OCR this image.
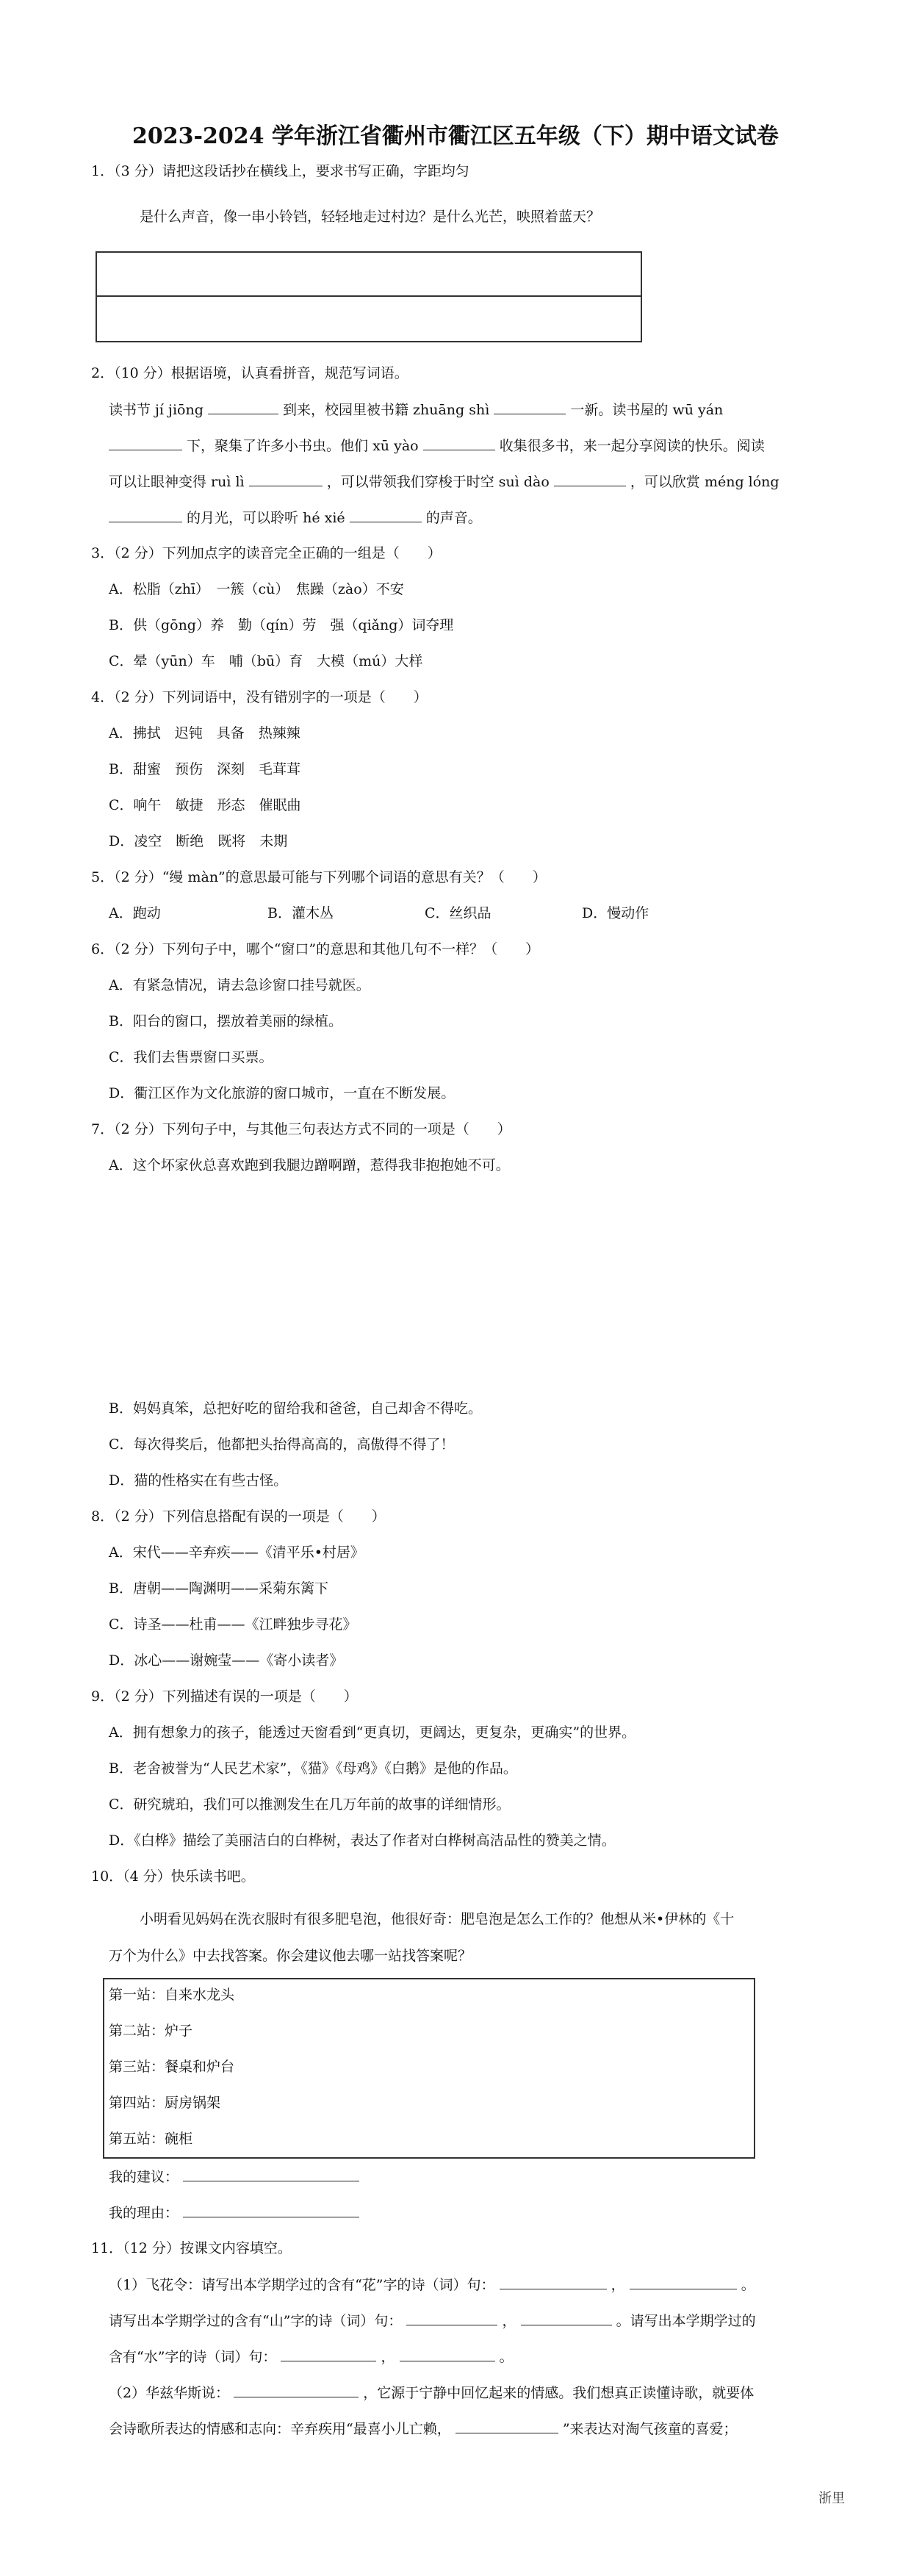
2023-2024 学年浙江省衢州市衢江区五年级（下）期中语文试卷
1．（3 分）请把这段话抄在横线上，要求书写正确，字距均匀
是什么声音，像一串小铃铛，轻轻地走过村边？是什么光芒，映照着蓝天？
2．（10 分）根据语境，认真看拼音，规范写词语。
读书节 jí jiōng	到来，校园里被书籍 zhuāng shì	一新。读书屋的 wū yán
下，聚集了许多小书虫。他们 xū yào	收集很多书，来一起分享阅读的快乐。阅读
可以让眼神变得 ruì lì	，可以带领我们穿梭于时空 suì dào	，可以欣赏 méng lóng
的月光，可以聆听 hé xié	的声音。
3．（2 分）下列加点字的读音完全正确的一组是（　　）
A．松脂（zhī）　一簇（cù）　焦躁（zào）不安
B．供（gōng）养　勤（qín）劳　强（qiǎng）词夺理
C．晕（yūn）车　哺（bū）育　大模（mú）大样
4．（2 分）下列词语中，没有错别字的一项是（　　）
A．拂拭　迟钝　具备　热辣辣
B．甜蜜　预伤　深刻　毛茸茸
C．响午　敏捷　形态　催眠曲
D．凌空　断绝　既将　未期
5．（2 分）“缦 màn”的意思最可能与下列哪个词语的意思有关？（　　）
A．跑动	B．灌木丛	C．丝织品	D．慢动作
6．（2 分）下列句子中，哪个“窗口”的意思和其他几句不一样？（　　）
A．有紧急情况，请去急诊窗口挂号就医。
B．阳台的窗口，摆放着美丽的绿植。
C．我们去售票窗口买票。
D．衢江区作为文化旅游的窗口城市，一直在不断发展。
7．（2 分）下列句子中，与其他三句表达方式不同的一项是（　　）
A．这个坏家伙总喜欢跑到我腿边蹭啊蹭，惹得我非抱抱她不可。
B．妈妈真笨，总把好吃的留给我和爸爸，自己却舍不得吃。
C．每次得奖后，他都把头抬得高高的，高傲得不得了！
D．猫的性格实在有些古怪。
8．（2 分）下列信息搭配有误的一项是（　　）
A．宋代——辛弃疾——《清平乐•村居》
B．唐朝——陶渊明——采菊东篱下
C．诗圣——杜甫——《江畔独步寻花》
D．冰心——谢婉莹——《寄小读者》
9．（2 分）下列描述有误的一项是（　　）
A．拥有想象力的孩子，能透过天窗看到“更真切，更阔达，更复杂，更确实”的世界。
B．老舍被誉为“人民艺术家”，《猫》《母鸡》《白鹅》是他的作品。
C．研究琥珀，我们可以推测发生在几万年前的故事的详细情形。
D．《白桦》描绘了美丽洁白的白桦树，表达了作者对白桦树高洁品性的赞美之情。
10．（4 分）快乐读书吧。
小明看见妈妈在洗衣服时有很多肥皂泡，他很好奇：肥皂泡是怎么工作的？他想从米•伊林的《十
万个为什么》中去找答案。你会建议他去哪一站找答案呢？
第一站：自来水龙头
第二站：炉子
第三站：餐桌和炉台
第四站：厨房锅架
第五站：碗柜
我的建议：
我的理由：
11．（12 分）按课文内容填空。
（1）飞花令：请写出本学期学过的含有“花”字的诗（词）句：	，	。
请写出本学期学过的含有“山”字的诗（词）句：	，	。请写出本学期学过的
含有“水”字的诗（词）句：	，	。
（2）华兹华斯说：	，它源于宁静中回忆起来的情感。我们想真正读懂诗歌，就要体
会诗歌所表达的情感和志向：辛弃疾用“最喜小儿亡赖，	”来表达对淘气孩童的喜爱；
浙里
